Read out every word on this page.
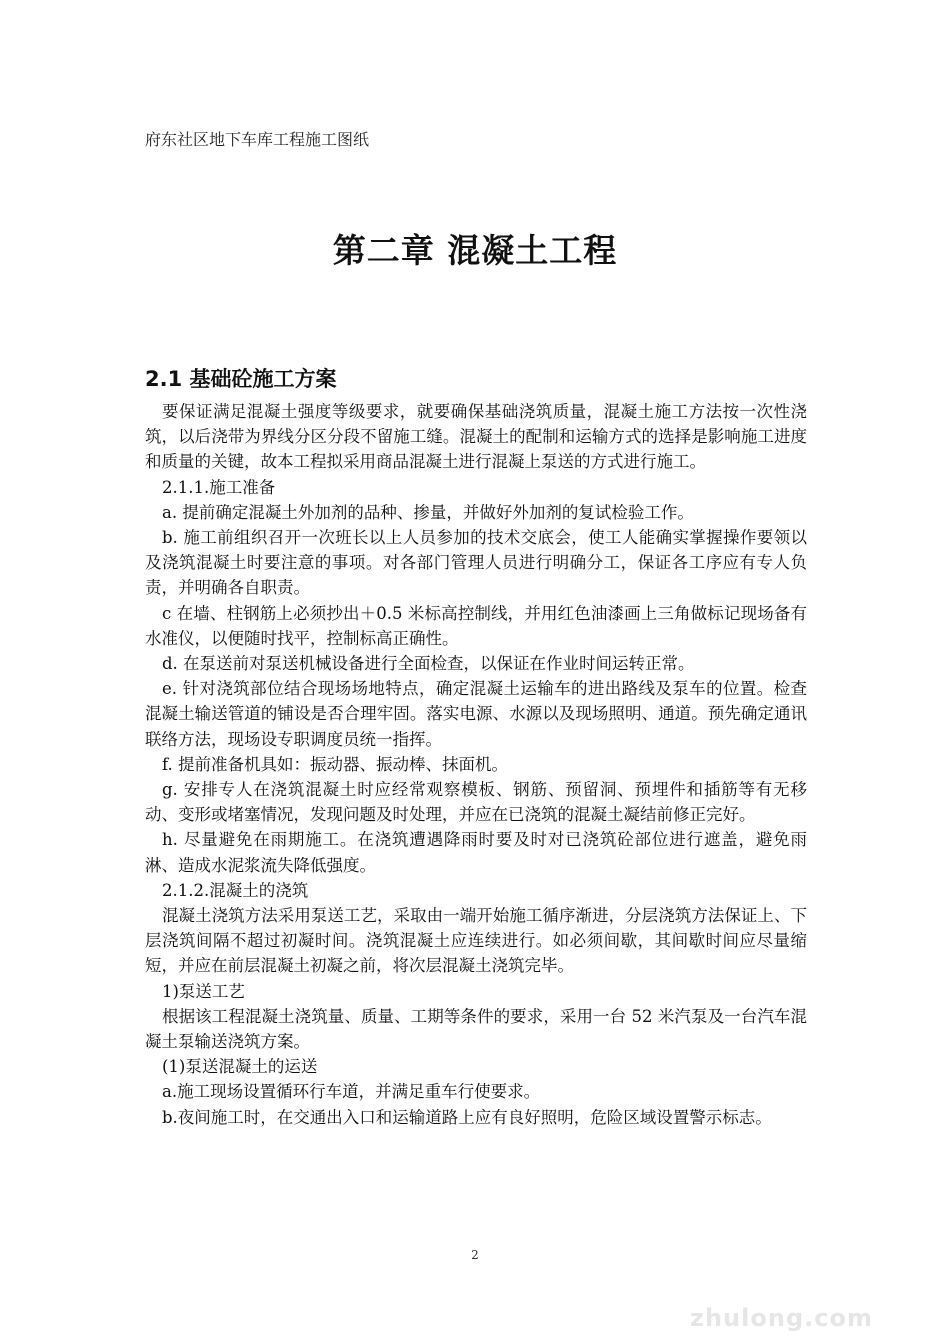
府东社区地下车库工程施工图纸
第二章 混凝土工程
2.1 基础砼施工方案

要保证满足混凝土强度等级要求，就要确保基础浇筑质量，混凝土施工方法按一次性浇筑，以后浇带为界线分区分段不留施工缝。混凝土的配制和运输方式的选择是影响施工进度和质量的关键，故本工程拟采用商品混凝土进行混凝上泵送的方式进行施工。

2.1.1.施工准备

a. 提前确定混凝土外加剂的品种、掺量，并做好外加剂的复试检验工作。

b. 施工前组织召开一次班长以上人员参加的技术交底会，使工人能确实掌握操作要领以及浇筑混凝土时要注意的事项。对各部门管理人员进行明确分工，保证各工序应有专人负责，并明确各自职责。

c 在墙、柱钢筋上必须抄出＋0.5 米标高控制线，并用红色油漆画上三角做标记现场备有水准仪，以便随时找平，控制标高正确性。

d. 在泵送前对泵送机械设备进行全面检查，以保证在作业时间运转正常。

e. 针对浇筑部位结合现场场地特点，确定混凝土运输车的进出路线及泵车的位置。检查混凝土输送管道的铺设是否合理牢固。落实电源、水源以及现场照明、通道。预先确定通讯联络方法，现场设专职调度员统一指挥。

f. 提前准备机具如：振动器、振动棒、抹面机。

g. 安排专人在浇筑混凝土时应经常观察模板、钢筋、预留洞、预埋件和插筋等有无移动、变形或堵塞情况，发现问题及时处理，并应在已浇筑的混凝土凝结前修正完好。

h. 尽量避免在雨期施工。在浇筑遭遇降雨时要及时对已浇筑砼部位进行遮盖，避免雨淋、造成水泥浆流失降低强度。

2.1.2.混凝土的浇筑

混凝土浇筑方法采用泵送工艺，采取由一端开始施工循序渐进，分层浇筑方法保证上、下层浇筑间隔不超过初凝时间。浇筑混凝土应连续进行。如必须间歇，其间歇时间应尽量缩短，并应在前层混凝土初凝之前，将次层混凝土浇筑完毕。

1)泵送工艺

根据该工程混凝土浇筑量、质量、工期等条件的要求，采用一台 52 米汽泵及一台汽车混凝土泵输送浇筑方案。

(1)泵送混凝土的运送

a.施工现场设置循环行车道，并满足重车行使要求。

b.夜间施工时，在交通出入口和运输道路上应有良好照明，危险区域设置警示标志。

2
zhulong.com
